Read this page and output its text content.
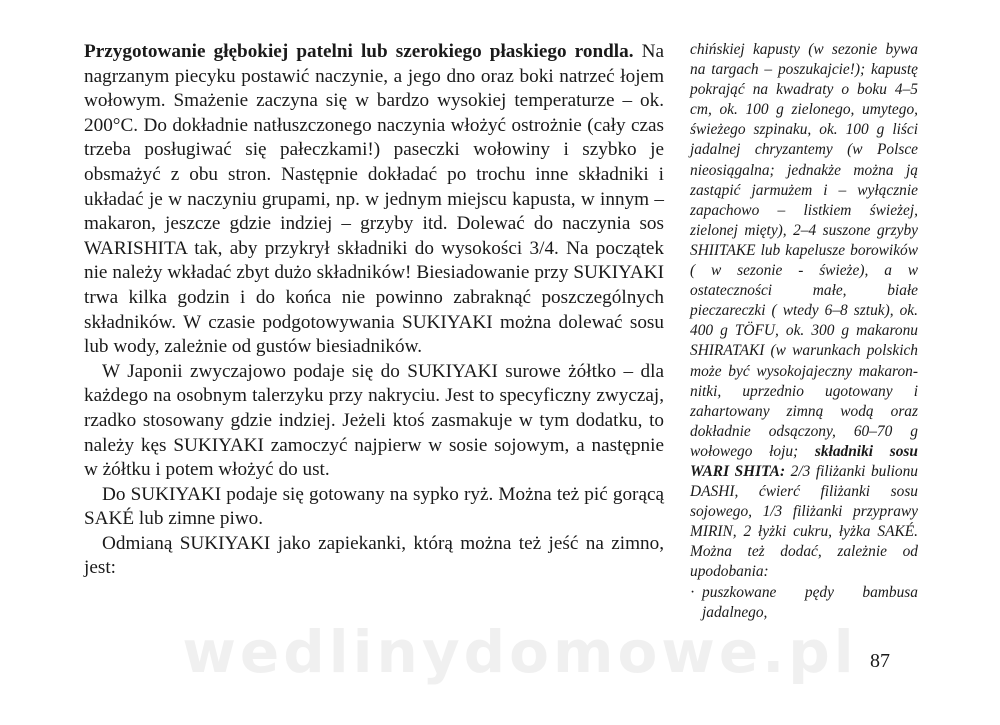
Przygotowanie głębokiej patelni lub szerokiego płaskiego rondla. Na nagrzanym piecyku postawić naczynie, a jego dno oraz boki natrzeć łojem wołowym. Smażenie zaczyna się w bardzo wysokiej temperaturze – ok. 200°C. Do dokładnie natłuszczonego naczynia włożyć ostrożnie (cały czas trzeba posługiwać się pałeczkami!) paseczki wołowiny i szybko je obsmażyć z obu stron. Następnie dokładać po trochu inne składniki i układać je w naczyniu grupami, np. w jednym miejscu kapusta, w innym – makaron, jeszcze gdzie indziej – grzyby itd. Dolewać do naczynia sos WARISHITA tak, aby przykrył składniki do wysokości 3/4. Na początek nie należy wkładać zbyt dużo składników! Biesiadowanie przy SUKIYAKI trwa kilka godzin i do końca nie powinno zabraknąć poszczególnych składników. W czasie podgotowywania SUKIYAKI można dolewać sosu lub wody, zależnie od gustów biesiadników.

W Japonii zwyczajowo podaje się do SUKIYAKI surowe żółtko – dla każdego na osobnym talerzyku przy nakryciu. Jest to specyficzny zwyczaj, rzadko stosowany gdzie indziej. Jeżeli ktoś zasmakuje w tym dodatku, to należy kęs SUKIYAKI zamoczyć najpierw w sosie sojowym, a następnie w żółtku i potem włożyć do ust.

Do SUKIYAKI podaje się gotowany na sypko ryż. Można też pić gorącą SAKÉ lub zimne piwo.

Odmianą SUKIYAKI jako zapiekanki, którą można też jeść na zimno, jest:

chińskiej kapusty (w sezonie bywa na targach – poszukajcie!); kapustę pokrająć na kwadraty o boku 4–5 cm, ok. 100 g zielonego, umytego, świeżego szpinaku, ok. 100 g liści jadalnej chryzantemy (w Polsce nieosiągalna; jednakże można ją zastąpić jarmużem i – wyłącznie zapachowo – listkiem świeżej, zielonej mięty), 2–4 suszone grzyby SHIITAKE lub kapelusze borowików ( w sezonie - świeże), a w ostateczności małe, białe pieczareczki ( wtedy 6–8 sztuk), ok. 400 g TÖFU, ok. 300 g makaronu SHIRATAKI (w warunkach polskich może być wysokojajeczny makaron-nitki, uprzednio ugotowany i zahartowany zimną wodą oraz dokładnie odsączony, 60–70 g wołowego łoju; składniki sosu WARI SHITA: 2/3 filiżanki bulionu DASHI, ćwierć filiżanki sosu sojowego, 1/3 filiżanki przyprawy MIRIN, 2 łyżki cukru, łyżka SAKÉ. Można też dodać, zależnie od upodobania:
· puszkowane pędy bambusa jadalnego,
wedlinydomowe.pl 87
